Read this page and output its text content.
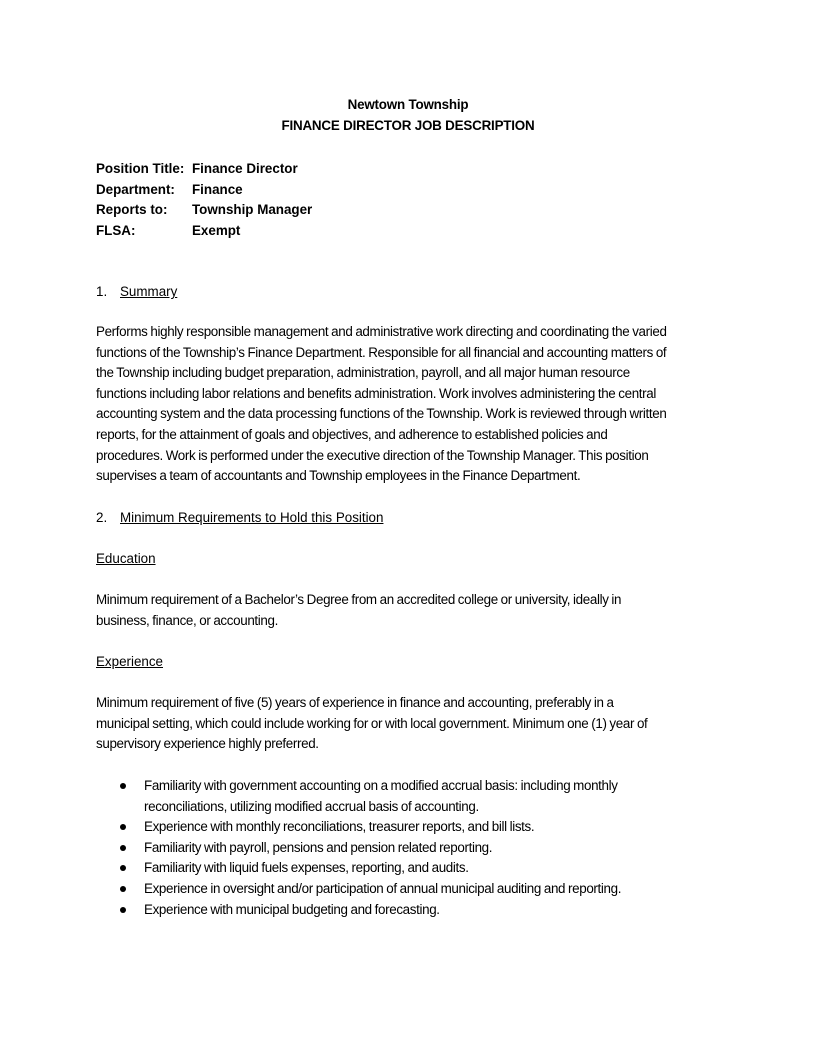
Newtown Township
FINANCE DIRECTOR JOB DESCRIPTION
Position Title: Finance Director
Department: Finance
Reports to: Township Manager
FLSA:	Exempt
1. Summary
Performs highly responsible management and administrative work directing and coordinating the varied
functions of the Township’s Finance Department. Responsible for all financial and accounting matters of
the Township including budget preparation, administration, payroll, and all major human resource
functions including labor relations and benefits administration. Work involves administering the central
accounting system and the data processing functions of the Township. Work is reviewed through written
reports, for the attainment of goals and objectives, and adherence to established policies and
procedures. Work is performed under the executive direction of the Township Manager. This position
supervises a team of accountants and Township employees in the Finance Department.
2. Minimum Requirements to Hold this Position
Education
Minimum requirement of a Bachelor’s Degree from an accredited college or university, ideally in
business, finance, or accounting.
Experience
Minimum requirement of five (5) years of experience in finance and accounting, preferably in a
municipal setting, which could include working for or with local government. Minimum one (1) year of
supervisory experience highly preferred.
Familiarity with government accounting on a modified accrual basis: including monthly
reconciliations, utilizing modified accrual basis of accounting.
Experience with monthly reconciliations, treasurer reports, and bill lists.
Familiarity with payroll, pensions and pension related reporting.
Familiarity with liquid fuels expenses, reporting, and audits.
Experience in oversight and/or participation of annual municipal auditing and reporting.
Experience with municipal budgeting and forecasting.
